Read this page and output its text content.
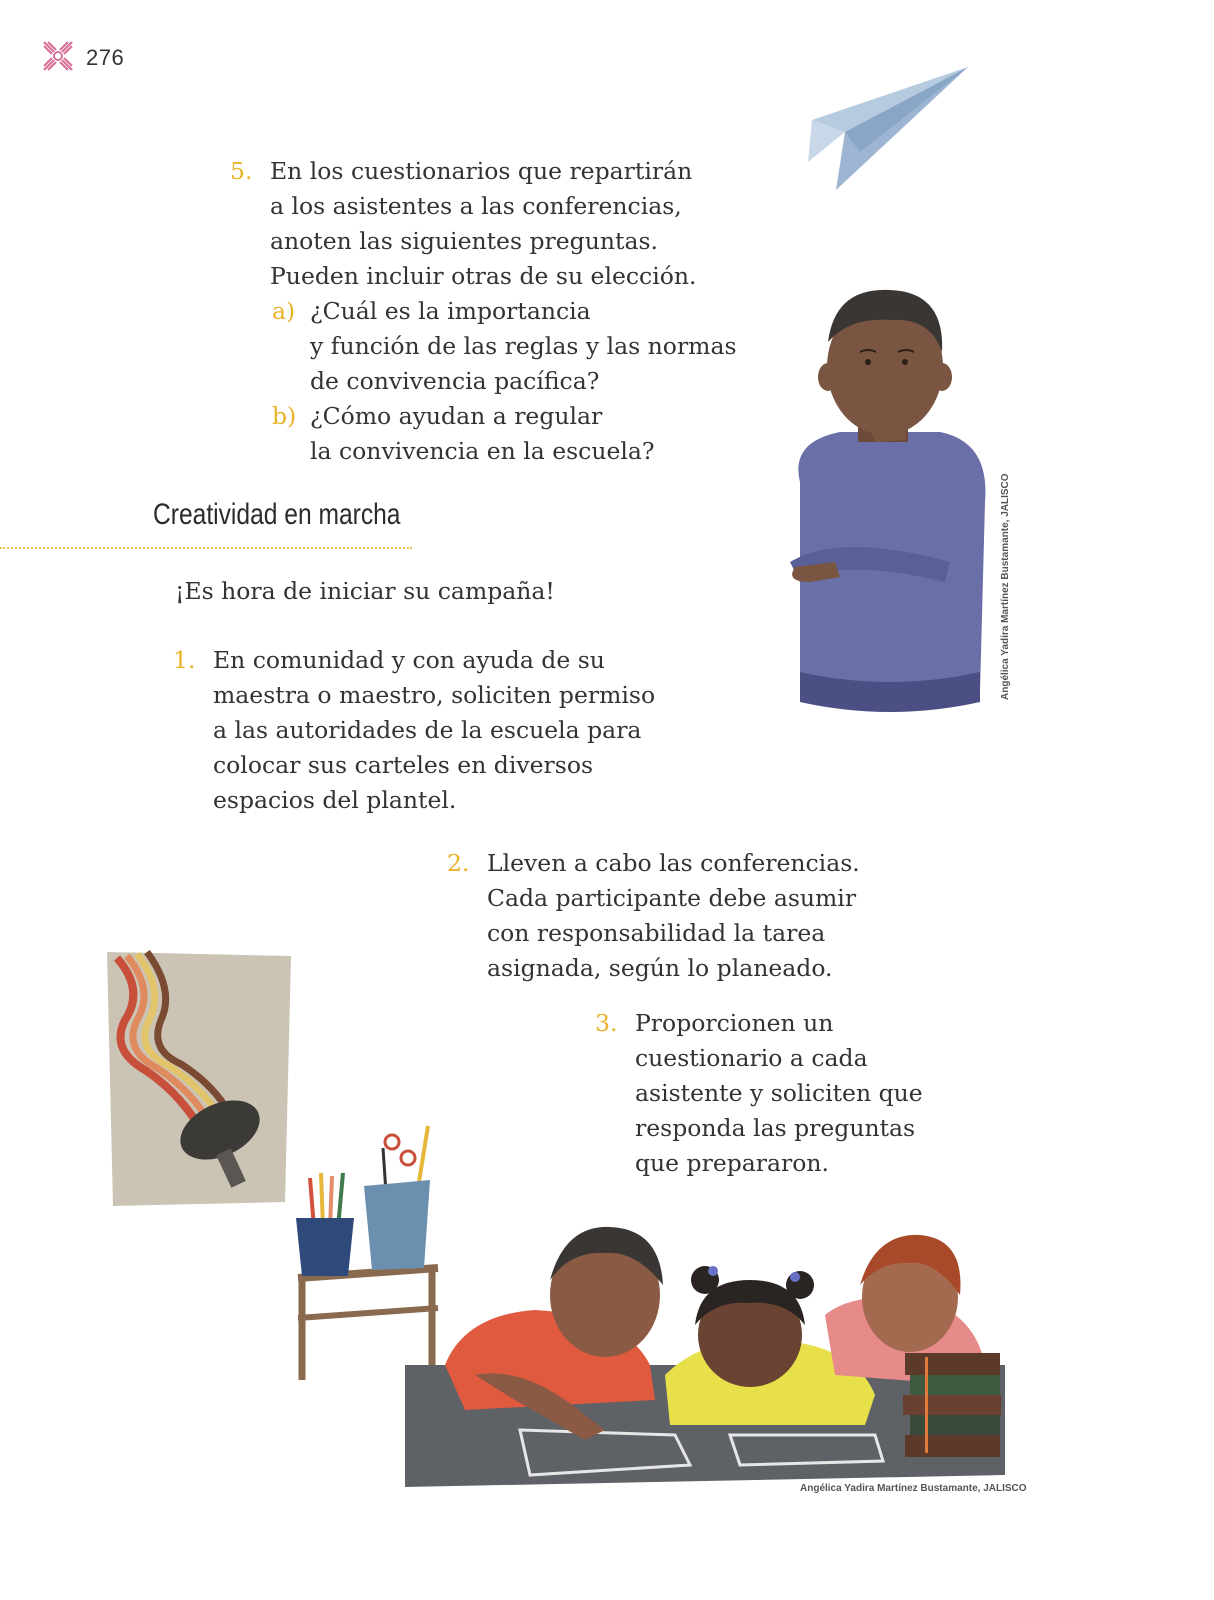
276
5. En los cuestionarios que repartirán
a los asistentes a las conferencias,
anoten las siguientes preguntas.
Pueden incluir otras de su elección.
a) ¿Cuál es la importancia
y función de las reglas y las normas
de convivencia pacífica?
b) ¿Cómo ayudan a regular
la convivencia en la escuela?
Creatividad en marcha
¡Es hora de iniciar su campaña!	Angélica Yadira Martínez Bustamante, JALISCO
1. En comunidad y con ayuda de su
maestra o maestro, soliciten permiso
a las autoridades de la escuela para
colocar sus carteles en diversos
espacios del plantel.
2. Lleven a cabo las conferencias.
Cada participante debe asumir
con responsabilidad la tarea
asignada, según lo planeado.
3. Proporcionen un
cuestionario a cada
asistente y soliciten que
responda las preguntas
que prepararon.
Angélica Yadira Martínez Bustamante, JALISCO
